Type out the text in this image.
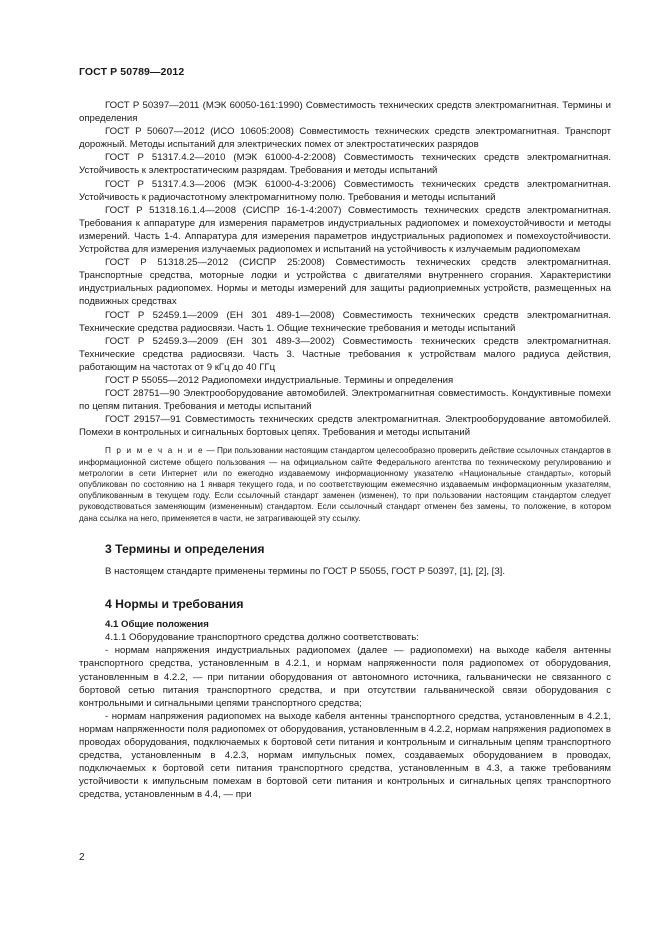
ГОСТ Р 50789—2012

ГОСТ Р 50397—2011 (МЭК 60050-161:1990) Совместимость технических средств электромагнитная. Термины и определения

ГОСТ Р 50607—2012 (ИСО 10605:2008) Совместимость технических средств электромагнитная. Транспорт дорожный. Методы испытаний для электрических помех от электростатических разрядов

ГОСТ Р 51317.4.2—2010 (МЭК 61000-4-2:2008) Совместимость технических средств электромагнитная. Устойчивость к электростатическим разрядам. Требования и методы испытаний

ГОСТ Р 51317.4.3—2006 (МЭК 61000-4-3:2006) Совместимость технических средств электромагнитная. Устойчивость к радиочастотному электромагнитному полю. Требования и методы испытаний

ГОСТ Р 51318.16.1.4—2008 (СИСПР 16-1-4:2007) Совместимость технических средств электромагнитная. Требования к аппаратуре для измерения параметров индустриальных радиопомех и помехоустойчивости и методы измерений. Часть 1-4. Аппаратура для измерения параметров индустриальных радиопомех и помехоустойчивости. Устройства для измерения излучаемых радиопомех и испытаний на устойчивость к излучаемым радиопомехам

ГОСТ Р 51318.25—2012 (СИСПР 25:2008) Совместимость технических средств электромагнитная. Транспортные средства, моторные лодки и устройства с двигателями внутреннего сгорания. Характеристики индустриальных радиопомех. Нормы и методы измерений для защиты радиоприемных устройств, размещенных на подвижных средствах

ГОСТ Р 52459.1—2009 (ЕН 301 489-1—2008) Совместимость технических средств электромагнитная. Технические средства радиосвязи. Часть 1. Общие технические требования и методы испытаний

ГОСТ Р 52459.3—2009 (ЕН 301 489-3—2002) Совместимость технических средств электромагнитная. Технические средства радиосвязи. Часть 3. Частные требования к устройствам малого радиуса действия, работающим на частотах от 9 кГц до 40 ГГц

ГОСТ Р 55055—2012 Радиопомехи индустриальные. Термины и определения

ГОСТ 28751—90 Электрооборудование автомобилей. Электромагнитная совместимость. Кондуктивные помехи по цепям питания. Требования и методы испытаний

ГОСТ 29157—91 Совместимость технических средств электромагнитная. Электрооборудование автомобилей. Помехи в контрольных и сигнальных бортовых цепях. Требования и методы испытаний

П р и м е ч а н и е — При пользовании настоящим стандартом целесообразно проверить действие ссылочных стандартов в информационной системе общего пользования — на официальном сайте Федерального агентства по техническому регулированию и метрологии в сети Интернет или по ежегодно издаваемому информационному указателю «Национальные стандарты», который опубликован по состоянию на 1 января текущего года, и по соответствующим ежемесячно издаваемым информационным указателям, опубликованным в текущем году. Если ссылочный стандарт заменен (изменен), то при пользовании настоящим стандартом следует руководствоваться заменяющим (измененным) стандартом. Если ссылочный стандарт отменен без замены, то положение, в котором дана ссылка на него, применяется в части, не затрагивающей эту ссылку.

3 Термины и определения

В настоящем стандарте применены термины по ГОСТ Р 55055, ГОСТ Р 50397, [1], [2], [3].

4 Нормы и требования

4.1 Общие положения

4.1.1 Оборудование транспортного средства должно соответствовать:

- нормам напряжения индустриальных радиопомех (далее — радиопомехи) на выходе кабеля антенны транспортного средства, установленным в 4.2.1, и нормам напряженности поля радиопомех от оборудования, установленным в 4.2.2, — при питании оборудования от автономного источника, гальванически не связанного с бортовой сетью питания транспортного средства, и при отсутствии гальванической связи оборудования с контрольными и сигнальными цепями транспортного средства;

- нормам напряжения радиопомех на выходе кабеля антенны транспортного средства, установленным в 4.2.1, нормам напряженности поля радиопомех от оборудования, установленным в 4.2.2, нормам напряжения радиопомех в проводах оборудования, подключаемых к бортовой сети питания и контрольным и сигнальным цепям транспортного средства, установленным в 4.2.3, нормам импульсных помех, создаваемых оборудованием в проводах, подключаемых к бортовой сети питания транспортного средства, установленным в 4.3, а также требованиям устойчивости к импульсным помехам в бортовой сети питания и контрольных и сигнальных цепях транспортного средства, установленным в 4.4, — при

2
